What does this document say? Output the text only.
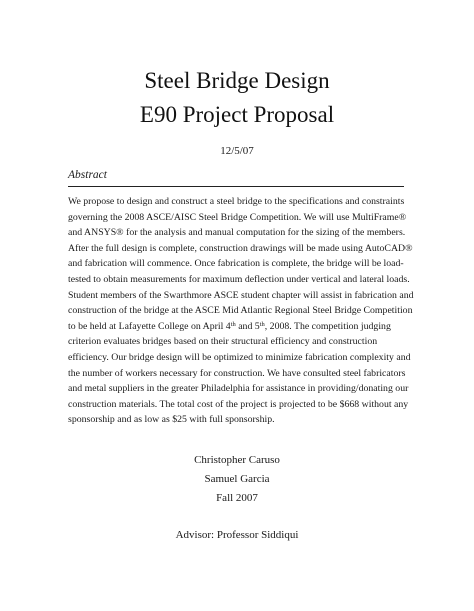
Steel Bridge Design
E90 Project Proposal
12/5/07
Abstract
We propose to design and construct a steel bridge to the specifications and constraints
governing the 2008 ASCE/AISC Steel Bridge Competition. We will use MultiFrame®
and ANSYS® for the analysis and manual computation for the sizing of the members.
After the full design is complete, construction drawings will be made using AutoCAD®
and fabrication will commence. Once fabrication is complete, the bridge will be load-
tested to obtain measurements for maximum deflection under vertical and lateral loads.
Student members of the Swarthmore ASCE student chapter will assist in fabrication and
construction of the bridge at the ASCE Mid Atlantic Regional Steel Bridge Competition
to be held at Lafayette College on April 4th and 5th, 2008. The competition judging
criterion evaluates bridges based on their structural efficiency and construction
efficiency. Our bridge design will be optimized to minimize fabrication complexity and
the number of workers necessary for construction. We have consulted steel fabricators
and metal suppliers in the greater Philadelphia for assistance in providing/donating our
construction materials. The total cost of the project is projected to be $668 without any
sponsorship and as low as $25 with full sponsorship.
Christopher Caruso
Samuel Garcia
Fall 2007
Advisor: Professor Siddiqui
